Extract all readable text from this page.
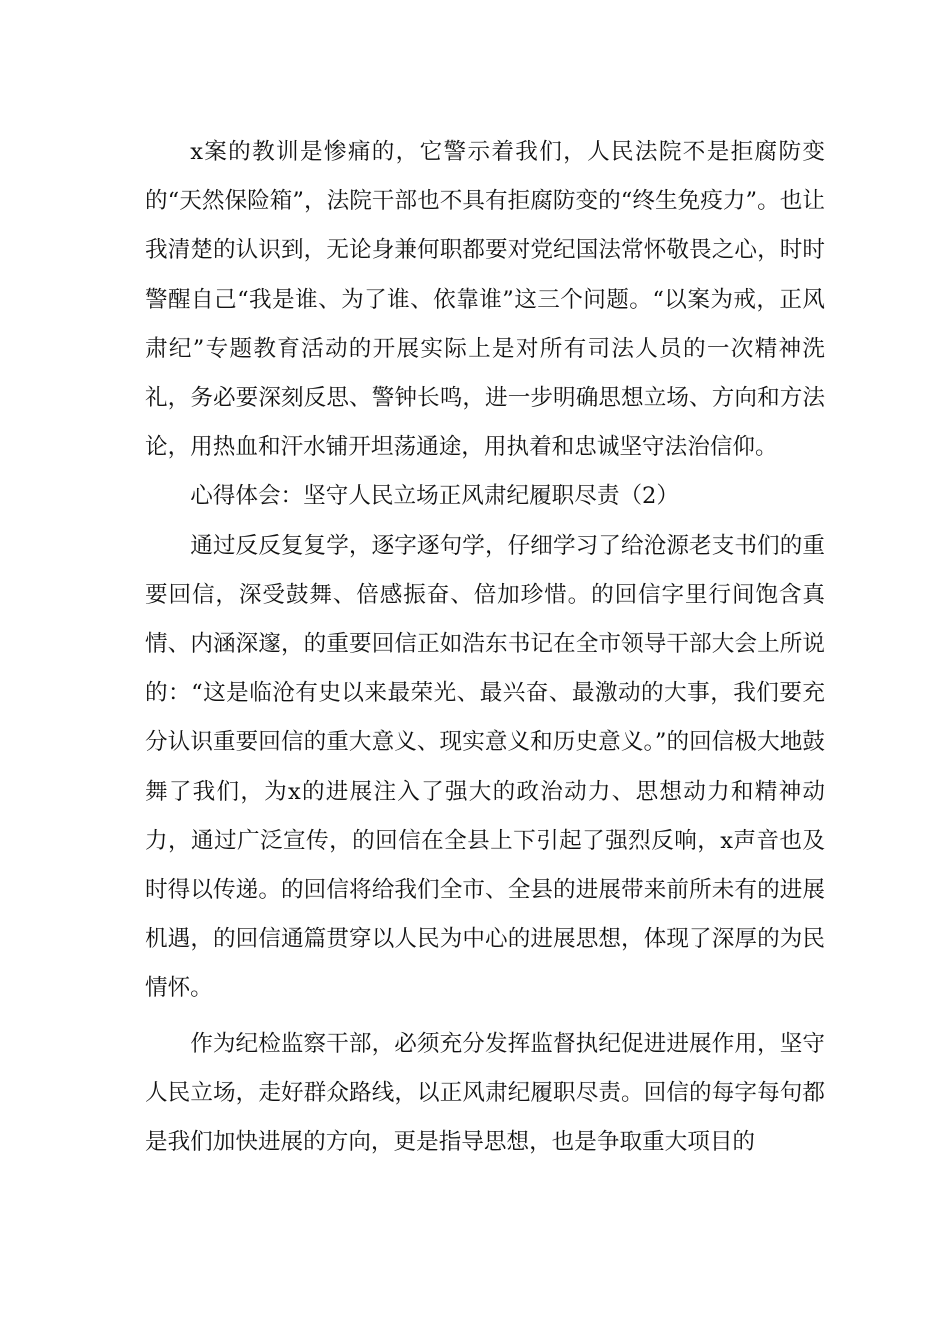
x案的教训是惨痛的，它警示着我们，人民法院不是拒腐防变的“天然保险箱”，法院干部也不具有拒腐防变的“终生免疫力”。也让我清楚的认识到，无论身兼何职都要对党纪国法常怀敬畏之心，时时警醒自己“我是谁、为了谁、依靠谁”这三个问题。“以案为戒，正风肃纪”专题教育活动的开展实际上是对所有司法人员的一次精神洗礼，务必要深刻反思、警钟长鸣，进一步明确思想立场、方向和方法论，用热血和汗水铺开坦荡通途，用执着和忠诚坚守法治信仰。

心得体会：坚守人民立场正风肃纪履职尽责（2）

通过反反复复学，逐字逐句学，仔细学习了给沧源老支书们的重要回信，深受鼓舞、倍感振奋、倍加珍惜。的回信字里行间饱含真情、内涵深邃，的重要回信正如浩东书记在全市领导干部大会上所说的：“这是临沧有史以来最荣光、最兴奋、最激动的大事，我们要充分认识重要回信的重大意义、现实意义和历史意义。”的回信极大地鼓舞了我们，为x的进展注入了强大的政治动力、思想动力和精神动力，通过广泛宣传，的回信在全县上下引起了强烈反响，x声音也及时得以传递。的回信将给我们全市、全县的进展带来前所未有的进展机遇，的回信通篇贯穿以人民为中心的进展思想，体现了深厚的为民情怀。

作为纪检监察干部，必须充分发挥监督执纪促进进展作用，坚守人民立场，走好群众路线，以正风肃纪履职尽责。回信的每字每句都是我们加快进展的方向，更是指导思想，也是争取重大项目的
